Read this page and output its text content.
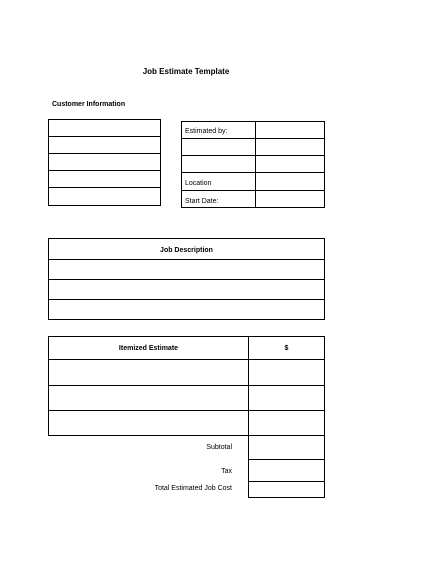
Job Estimate Template
Customer Information
Estimated by:
Location
Start Date:
Job Description
Itemized Estimate	$
Subtotal
Tax
Total Estimated Job Cost
